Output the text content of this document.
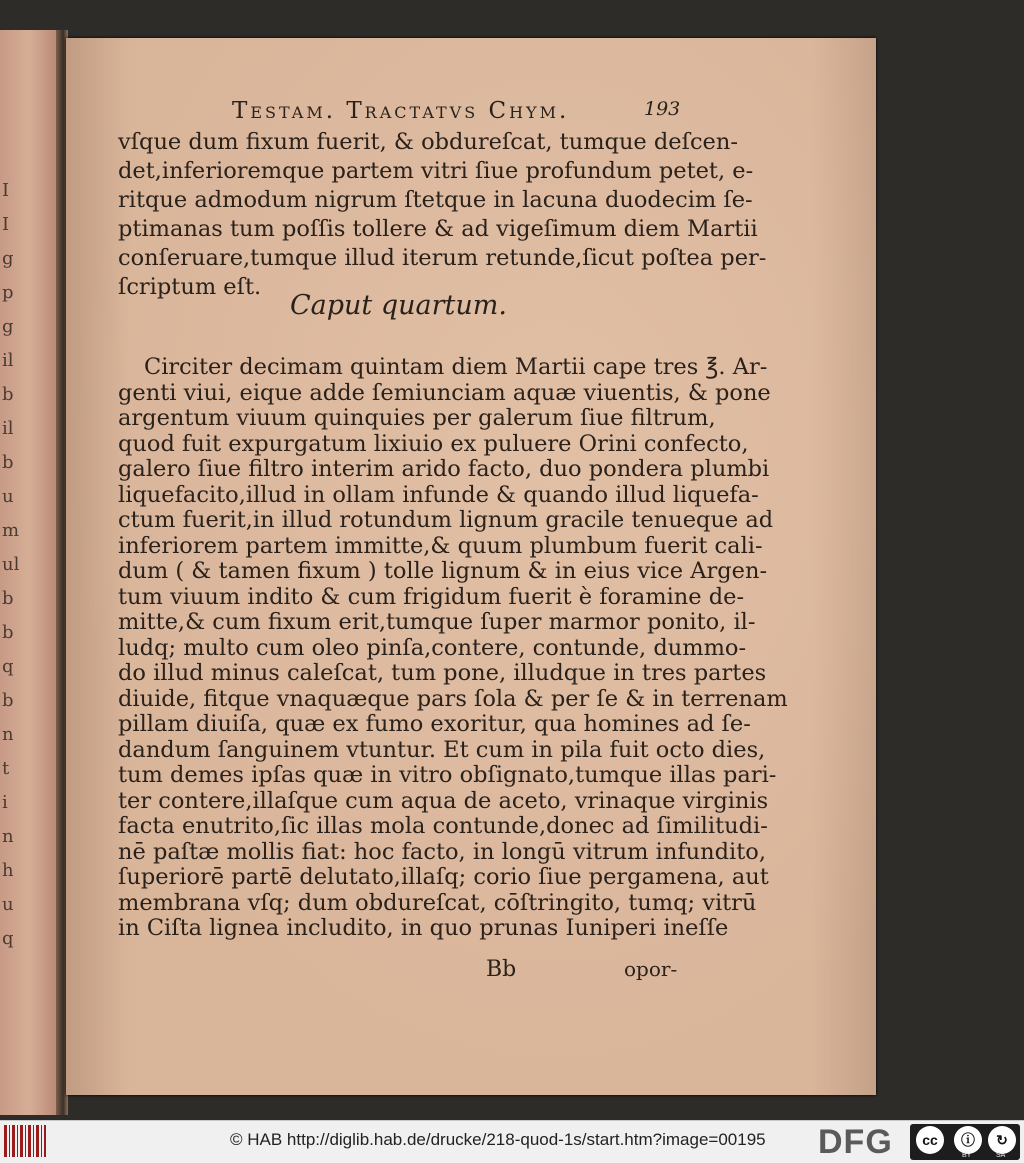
I
I
g
p
g
il
b
il
b
u
m
ul
b
b
q
b
n
t
i
n
h
u
q
Testam. Tractatvs Chym.	193
vſque dum fixum fuerit, & obdureſcat, tumque deſcen-
det,inferioremque partem vitri ſiue profundum petet, e-
ritque admodum nigrum ſtetque in lacuna duodecim ſe-
ptimanas tum poſſis tollere & ad vigeſimum diem Martii
conſeruare,tumque illud iterum retunde,ſicut poſtea per-
ſcriptum eſt.
Caput quartum.
Circiter decimam quintam diem Martii cape tres ℥. Ar-
genti viui, eique adde ſemiunciam aquæ viuentis, & pone
argentum viuum quinquies per galerum ſiue filtrum,
quod fuit expurgatum lixiuio ex puluere Orini confecto,
galero ſiue filtro interim arido facto, duo pondera plumbi
liquefacito,illud in ollam infunde & quando illud liquefa-
ctum fuerit,in illud rotundum lignum gracile tenueque ad
inferiorem partem immitte,& quum plumbum fuerit cali-
dum ( & tamen fixum ) tolle lignum & in eius vice Argen-
tum viuum indito & cum frigidum fuerit è foramine de-
mitte,& cum fixum erit,tumque ſuper marmor ponito, il-
ludq; multo cum oleo pinſa,contere, contunde, dummo-
do illud minus caleſcat, tum pone, illudque in tres partes
diuide, fitque vnaquæque pars ſola & per ſe & in terrenam
pillam diuiſa, quæ ex fumo exoritur, qua homines ad ſe-
dandum ſanguinem vtuntur. Et cum in pila fuit octo dies,
tum demes ipſas quæ in vitro obſignato,tumque illas pari-
ter contere,illaſque cum aqua de aceto, vrinaque virginis
facta enutrito,ſic illas mola contunde,donec ad ſimilitudi-
nē paſtæ mollis fiat: hoc facto, in longū vitrum infundito,
ſuperiorē partē delutato,illaſq; corio ſiue pergamena, aut
membrana vſq; dum obdureſcat, cōſtringito, tumq; vitrū
in Ciſta lignea includito, in quo prunas Iuniperi ineſſe
Bb	opor-
© HAB http://diglib.hab.de/drucke/218-quod-1s/start.htm?image=00195 DFG	cc	ⓘ	↻
BY	SA
